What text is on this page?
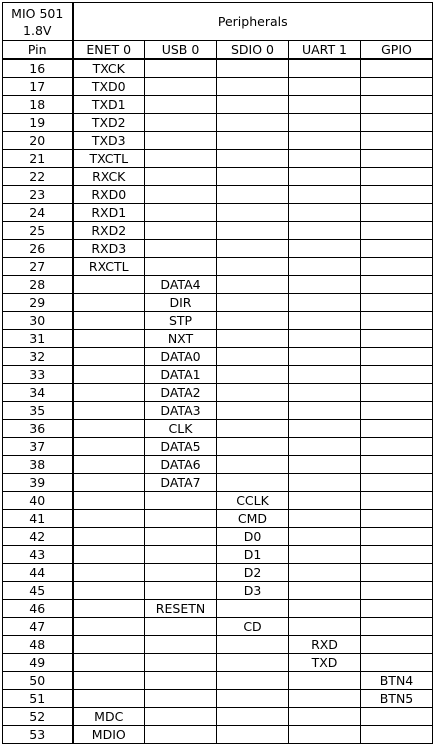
MIO 501
1.8V	Peripherals				
Pin	ENET 0	USB 0	SDIO 0	UART 1	GPIO
16	TXCK				
17	TXD0				
18	TXD1				
19	TXD2				
20	TXD3				
21	TXCTL				
22	RXCK				
23	RXD0				
24	RXD1				
25	RXD2				
26	RXD3				
27	RXCTL				
28		DATA4			
29		DIR			
30		STP			
31		NXT			
32		DATA0			
33		DATA1			
34		DATA2			
35		DATA3			
36		CLK			
37		DATA5			
38		DATA6			
39		DATA7			
40			CCLK		
41			CMD		
42			D0		
43			D1		
44			D2		
45			D3		
46		RESETN			
47			CD		
48				RXD	
49				TXD	
50					BTN4
51					BTN5
52	MDC				
53	MDIO				
